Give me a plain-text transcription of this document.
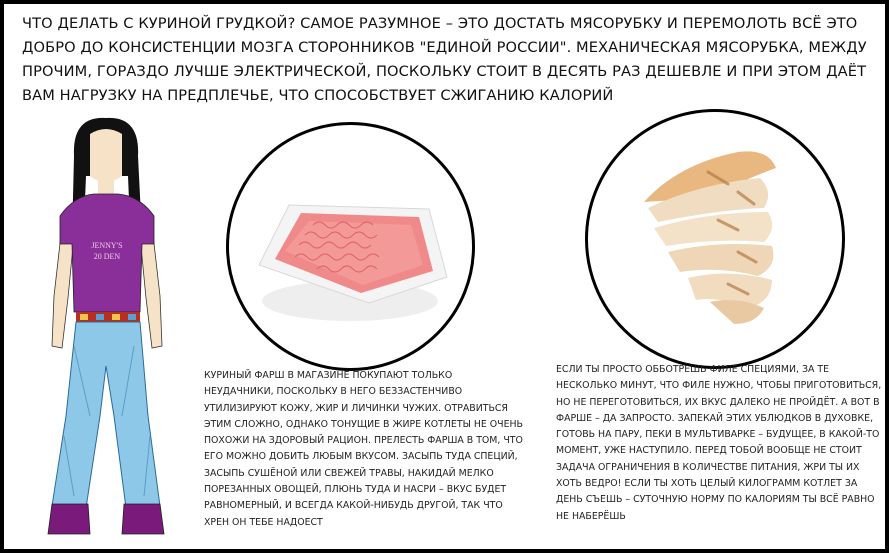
ЧТО ДЕЛАТЬ С КУРИНОЙ ГРУДКОЙ? САМОЕ РАЗУМНОЕ – ЭТО ДОСТАТЬ МЯСОРУБКУ И ПЕРЕМОЛОТЬ ВСЁ ЭТО ДОБРО ДО КОНСИСТЕНЦИИ МОЗГА СТОРОННИКОВ "ЕДИНОЙ РОССИИ". МЕХАНИЧЕСКАЯ МЯСОРУБКА, МЕЖДУ ПРОЧИМ, ГОРАЗДО ЛУЧШЕ ЭЛЕКТРИЧЕСКОЙ, ПОСКОЛЬКУ СТОИТ В ДЕСЯТЬ РАЗ ДЕШЕВЛЕ И ПРИ ЭТОМ ДАЁТ ВАМ НАГРУЗКУ НА ПРЕДПЛЕЧЬЕ, ЧТО СПОСОБСТВУЕТ СЖИГАНИЮ КАЛОРИЙ

JENNY'S
20 DEN

КУРИНЫЙ ФАРШ В МАГАЗИНЕ ПОКУПАЮТ ТОЛЬКО НЕУДАЧНИКИ, ПОСКОЛЬКУ В НЕГО БЕЗЗАСТЕНЧИВО УТИЛИЗИРУЮТ КОЖУ, ЖИР И ЛИЧИНКИ ЧУЖИХ. ОТРАВИТЬСЯ ЭТИМ СЛОЖНО, ОДНАКО ТОНУЩИЕ В ЖИРЕ КОТЛЕТЫ НЕ ОЧЕНЬ ПОХОЖИ НА ЗДОРОВЫЙ РАЦИОН. ПРЕЛЕСТЬ ФАРША В ТОМ, ЧТО ЕГО МОЖНО ДОБИТЬ ЛЮБЫМ ВКУСОМ. ЗАСЫПЬ ТУДА СПЕЦИЙ, ЗАСЫПЬ СУШЁНОЙ ИЛИ СВЕЖЕЙ ТРАВЫ, НАКИДАЙ МЕЛКО ПОРЕЗАННЫХ ОВОЩЕЙ, ПЛЮНЬ ТУДА И НАСРИ – ВКУС БУДЕТ РАВНОМЕРНЫЙ, И ВСЕГДА КАКОЙ-НИБУДЬ ДРУГОЙ, ТАК ЧТО ХРЕН ОН ТЕБЕ НАДОЕСТ

ЕСЛИ ТЫ ПРОСТО ОББОТРЁШЬ ФИЛЕ СПЕЦИЯМИ, ЗА ТЕ НЕСКОЛЬКО МИНУТ, ЧТО ФИЛЕ НУЖНО, ЧТОБЫ ПРИГОТОВИТЬСЯ, НО НЕ ПЕРЕГОТОВИТЬСЯ, ИХ ВКУС ДАЛЕКО НЕ ПРОЙДЁТ. А ВОТ В ФАРШЕ – ДА ЗАПРОСТО. ЗАПЕКАЙ ЭТИХ УБЛЮДКОВ В ДУХОВКЕ, ГОТОВЬ НА ПАРУ, ПЕКИ В МУЛЬТИВАРКЕ – БУДУЩЕЕ, В КАКОЙ-ТО МОМЕНТ, УЖЕ НАСТУПИЛО. ПЕРЕД ТОБОЙ ВООБЩЕ НЕ СТОИТ ЗАДАЧА ОГРАНИЧЕНИЯ В КОЛИЧЕСТВЕ ПИТАНИЯ, ЖРИ ТЫ ИХ ХОТЬ ВЕДРО! ЕСЛИ ТЫ ХОТЬ ЦЕЛЫЙ КИЛОГРАММ КОТЛЕТ ЗА ДЕНЬ СЪЕШЬ – СУТОЧНУЮ НОРМУ ПО КАЛОРИЯМ ТЫ ВСЁ РАВНО НЕ НАБЕРЁШЬ
